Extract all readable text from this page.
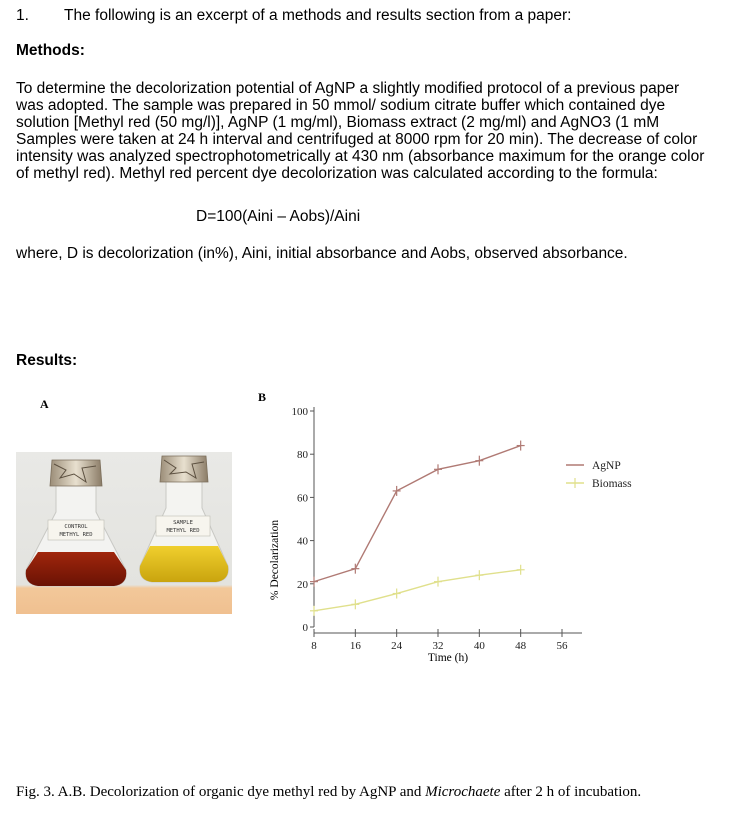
1. The following is an excerpt of a methods and results section from a paper:
Methods:
To determine the decolorization potential of AgNP a slightly modified protocol of a previous paper
was adopted. The sample was prepared in 50 mmol/ sodium citrate buffer which contained dye
solution [Methyl red (50 mg/l)], AgNP (1 mg/ml), Biomass extract (2 mg/ml) and AgNO3 (1 mM
Samples were taken at 24 h interval and centrifuged at 8000 rpm for 20 min). The decrease of color
intensity was analyzed spectrophotometrically at 430 nm (absorbance maximum for the orange color
of methyl red). Methyl red percent dye decolorization was calculated according to the formula:
D=100(Aini – Aobs)/Aini
where, D is decolorization (in%), Aini, initial absorbance and Aobs, observed absorbance.
Results:
A	B
CONTROL
METHYL RED
SAMPLE
METHYL RED
0
20
40
60
80
100
8	16	24	32	40	48	56
AgNP
Biomass
Time (h)
% Decolarization
Fig. 3. A.B. Decolorization of organic dye methyl red by AgNP and Microchaete after 2 h of incubation.
